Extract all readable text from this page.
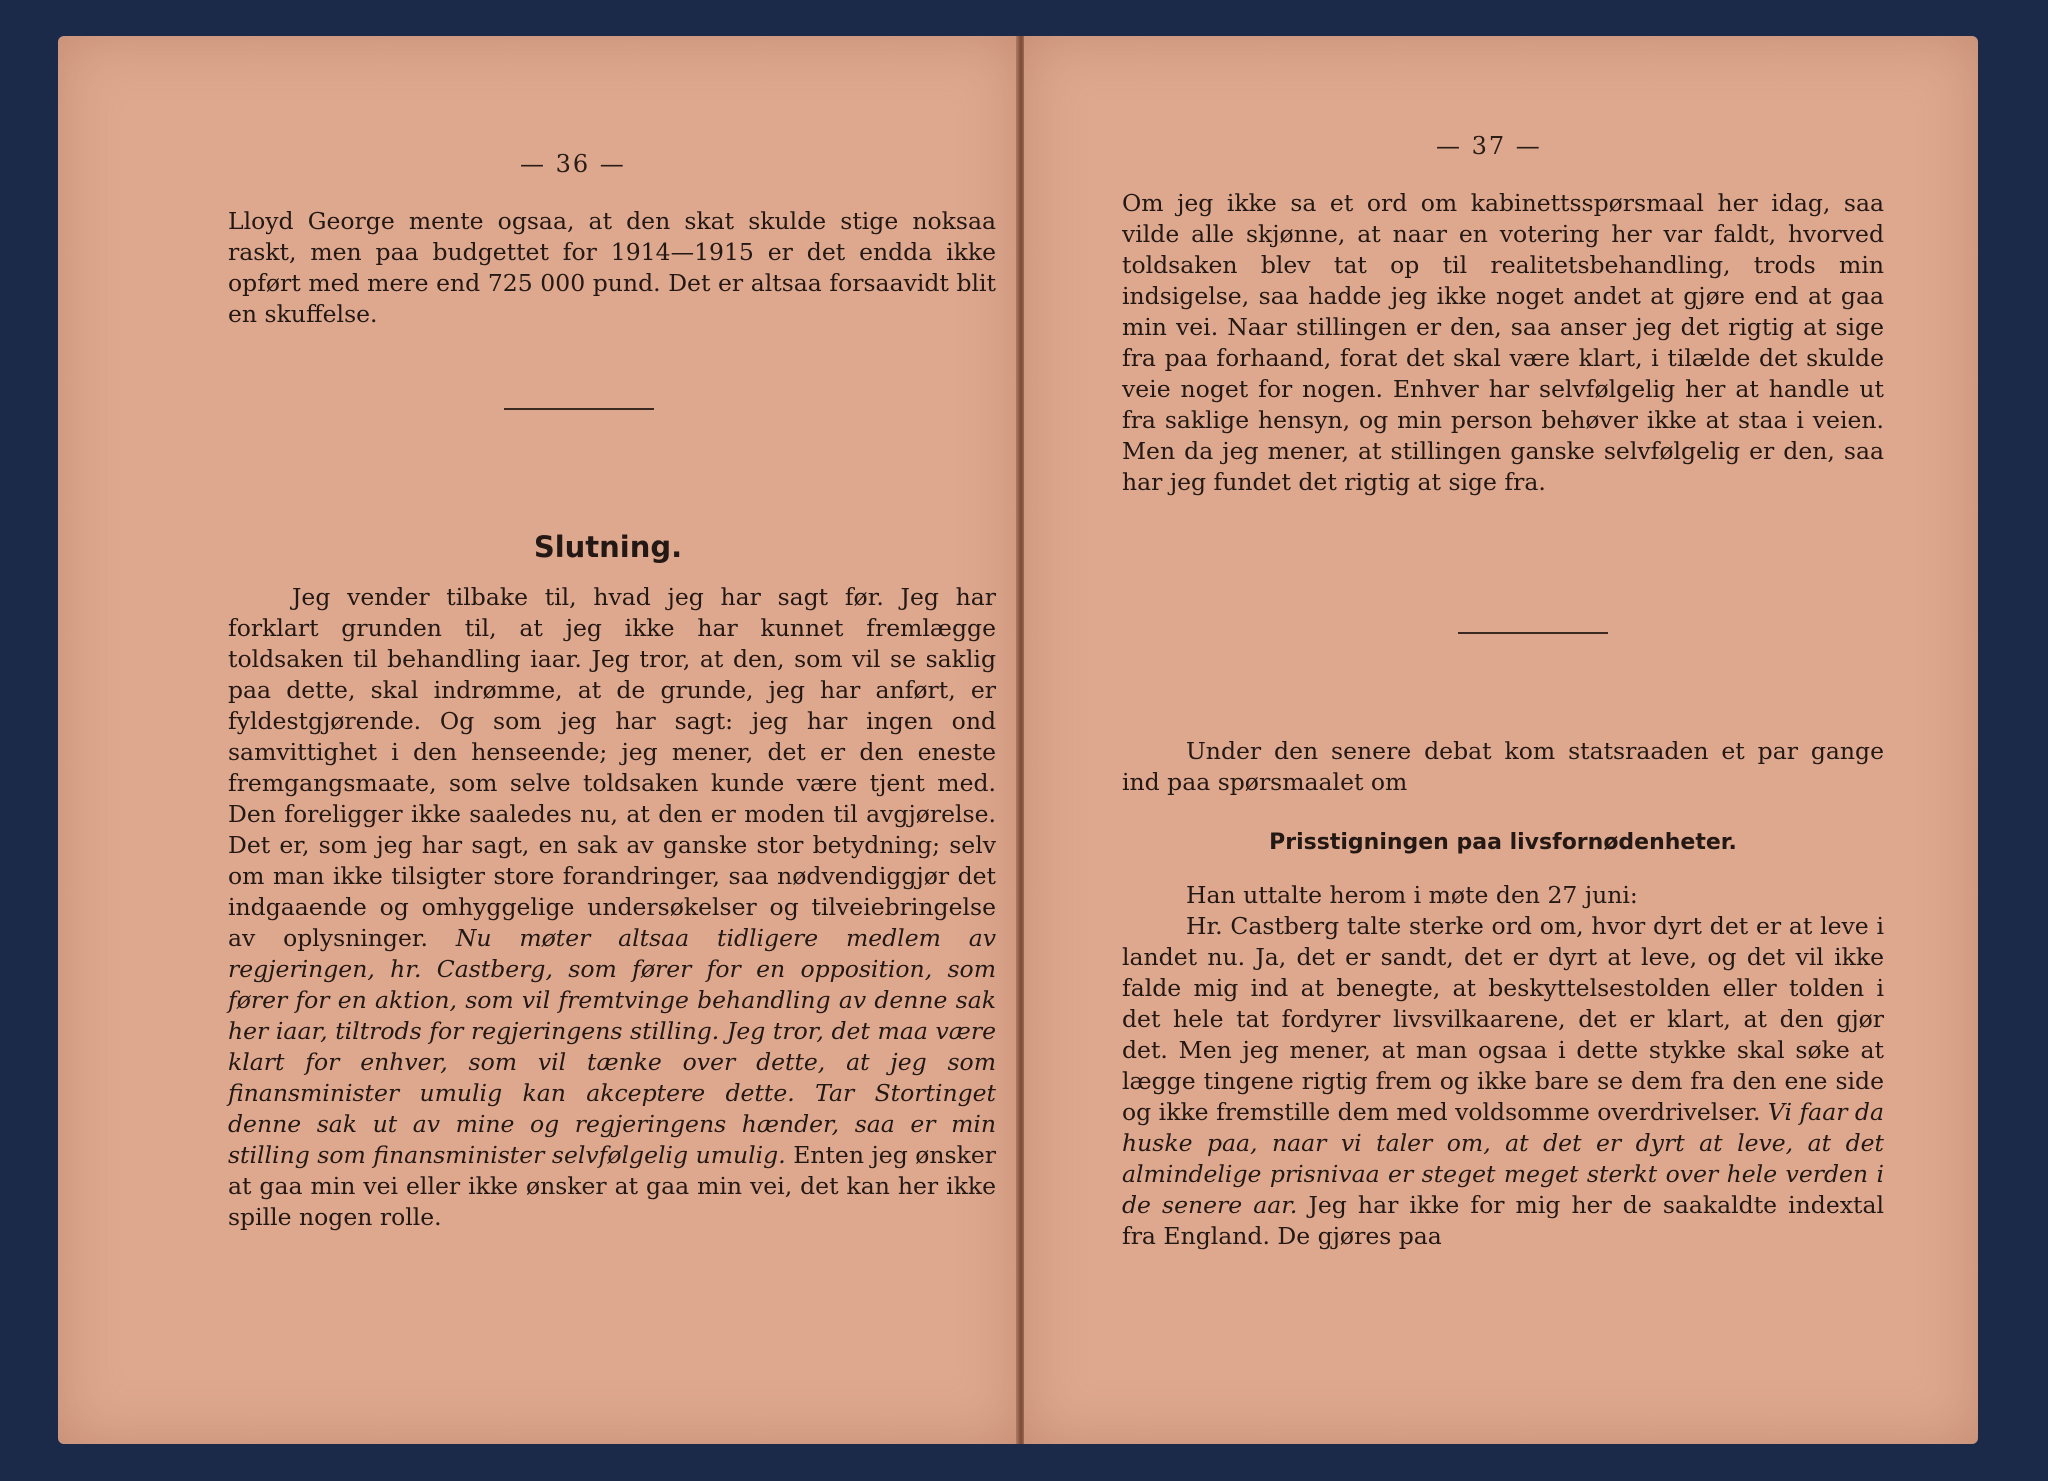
— 36 —

Lloyd George mente ogsaa, at den skat skulde stige noksaa raskt, men paa budgettet for 1914—1915 er det endda ikke opført med mere end 725 000 pund. Det er altsaa forsaavidt blit en skuffelse.

Slutning.

Jeg vender tilbake til, hvad jeg har sagt før. Jeg har forklart grunden til, at jeg ikke har kunnet fremlægge toldsaken til behandling iaar. Jeg tror, at den, som vil se saklig paa dette, skal indrømme, at de grunde, jeg har anført, er fyldestgjørende. Og som jeg har sagt: jeg har ingen ond samvittighet i den henseende; jeg mener, det er den eneste fremgangsmaate, som selve toldsaken kunde være tjent med. Den foreligger ikke saaledes nu, at den er moden til avgjørelse. Det er, som jeg har sagt, en sak av ganske stor betydning; selv om man ikke tilsigter store forandringer, saa nødvendiggjør det indgaaende og omhyggelige undersøkelser og tilveiebringelse av oplysninger. Nu møter altsaa tidligere medlem av regjeringen, hr. Castberg, som fører for en opposition, som fører for en aktion, som vil fremtvinge behandling av denne sak her iaar, tiltrods for regjeringens stilling. Jeg tror, det maa være klart for enhver, som vil tænke over dette, at jeg som finansminister umulig kan akceptere dette. Tar Stortinget denne sak ut av mine og regjeringens hænder, saa er min stilling som finansminister selvfølgelig umulig. Enten jeg ønsker at gaa min vei eller ikke ønsker at gaa min vei, det kan her ikke spille nogen rolle.

— 37 —

Om jeg ikke sa et ord om kabinettsspørsmaal her idag, saa vilde alle skjønne, at naar en votering her var faldt, hvorved toldsaken blev tat op til realitetsbehandling, trods min indsigelse, saa hadde jeg ikke noget andet at gjøre end at gaa min vei. Naar stillingen er den, saa anser jeg det rigtig at sige fra paa forhaand, forat det skal være klart, i tilælde det skulde veie noget for nogen. Enhver har selvfølgelig her at handle ut fra saklige hensyn, og min person behøver ikke at staa i veien. Men da jeg mener, at stillingen ganske selvfølgelig er den, saa har jeg fundet det rigtig at sige fra.

Under den senere debat kom statsraaden et par gange ind paa spørsmaalet om

Prisstigningen paa livsfornødenheter.

Han uttalte herom i møte den 27 juni:

Hr. Castberg talte sterke ord om, hvor dyrt det er at leve i landet nu. Ja, det er sandt, det er dyrt at leve, og det vil ikke falde mig ind at benegte, at beskyttelsestolden eller tolden i det hele tat fordyrer livsvilkaarene, det er klart, at den gjør det. Men jeg mener, at man ogsaa i dette stykke skal søke at lægge tingene rigtig frem og ikke bare se dem fra den ene side og ikke fremstille dem med voldsomme overdrivelser. Vi faar da huske paa, naar vi taler om, at det er dyrt at leve, at det almindelige prisnivaa er steget meget sterkt over hele verden i de senere aar. Jeg har ikke for mig her de saakaldte indextal fra England. De gjøres paa
